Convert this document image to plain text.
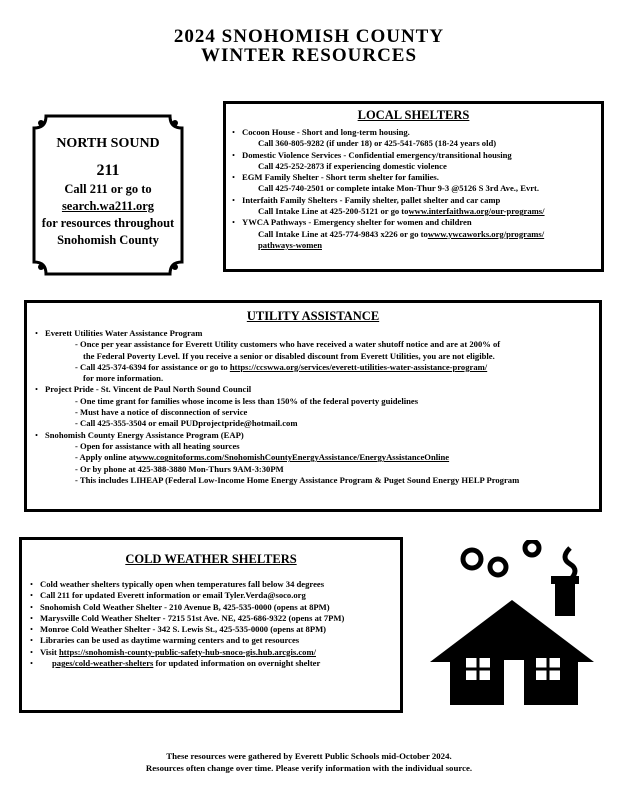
2024 SNOHOMISH COUNTY
WINTER RESOURCES
NORTH SOUND
211
Call 211 or go to
search.wa211.org
for resources throughout
Snohomish County
LOCAL SHELTERS
• Cocoon House - Short and long-term housing.
Call 360-805-9282 (if under 18) or 425-541-7685 (18-24 years old)
• Domestic Violence Services - Confidential emergency/transitional housing
Call 425-252-2873 if experiencing domestic violence
• EGM Family Shelter - Short term shelter for families.
Call 425-740-2501 or complete intake Mon-Thur 9-3 @5126 S 3rd Ave., Evrt.
• Interfaith Family Shelters - Family shelter, pallet shelter and car camp
Call Intake Line at 425-200-5121 or go towww.interfaithwa.org/our-programs/
• YWCA Pathways - Emergency shelter for women and children
Call Intake Line at 425-774-9843 x226 or go towww.ywcaworks.org/programs/
pathways-women
UTILITY ASSISTANCE
• Everett Utilities Water Assistance Program
- Once per year assistance for Everett Utility customers who have received a water shutoff notice and are at 200% of
the Federal Poverty Level. If you receive a senior or disabled discount from Everett Utilities, you are not eligible.
- Call 425-374-6394 for assistance or go to https://ccswwa.org/services/everett-utilities-water-assistance-program/
for more information.
• Project Pride - St. Vincent de Paul North Sound Council
- One time grant for families whose income is less than 150% of the federal poverty guidelines
- Must have a notice of disconnection of service
- Call 425-355-3504 or email PUDprojectpride@hotmail.com
• Snohomish County Energy Assistance Program (EAP)
- Open for assistance with all heating sources
- Apply online atwww.cognitoforms.com/SnohomishCountyEnergyAssistance/EnergyAssistanceOnline
- Or by phone at 425-388-3880 Mon-Thurs 9AM-3:30PM
- This includes LIHEAP (Federal Low-Income Home Energy Assistance Program & Puget Sound Energy HELP Program
COLD WEATHER SHELTERS
• Cold weather shelters typically open when temperatures fall below 34 degrees
• Call 211 for updated Everett information or email Tyler.Verda@soco.org
• Snohomish Cold Weather Shelter - 210 Avenue B, 425-535-0000 (opens at 8PM)
• Marysville Cold Weather Shelter - 7215 51st Ave. NE, 425-686-9322 (opens at 7PM)
• Monroe Cold Weather Shelter - 342 S. Lewis St., 425-535-0000 (opens at 8PM)
• Libraries can be used as daytime warming centers and to get resources
• Visit https://snohomish-county-public-safety-hub-snoco-gis.hub.arcgis.com/
• pages/cold-weather-shelters for updated information on overnight shelter
These resources were gathered by Everett Public Schools mid-October 2024.
Resources often change over time. Please verify information with the individual source.
